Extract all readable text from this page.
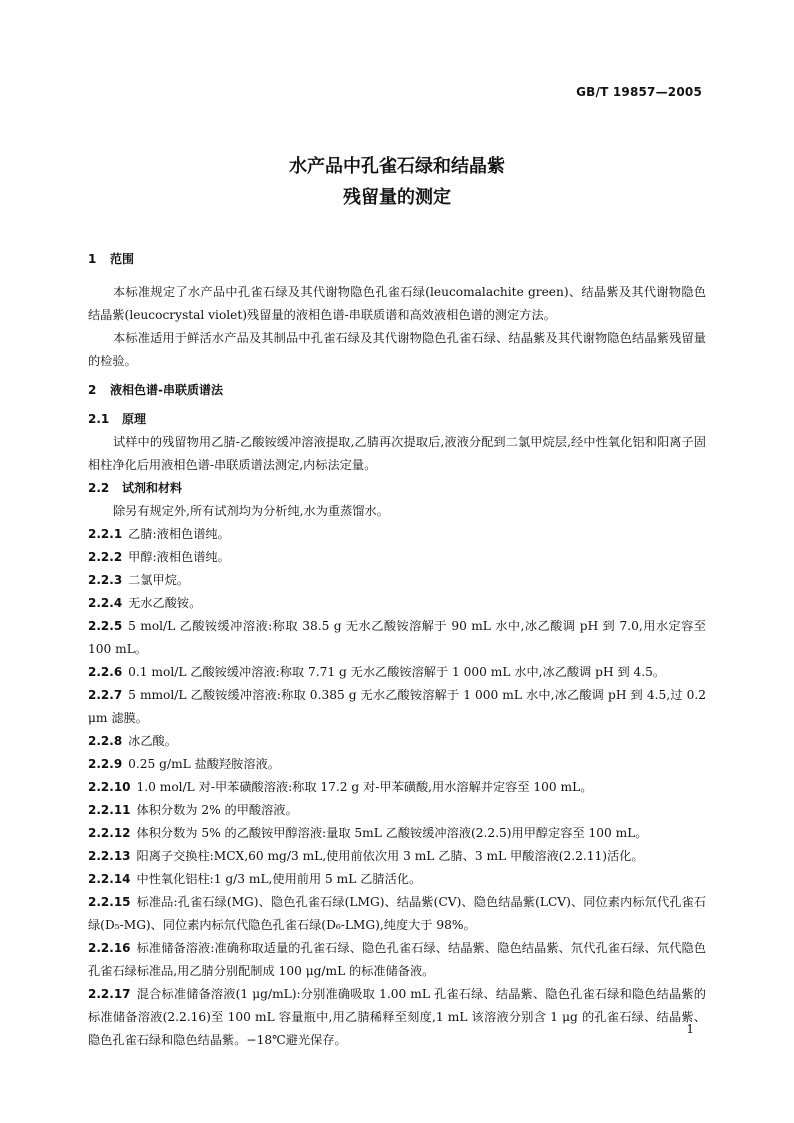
GB/T 19857—2005
水产品中孔雀石绿和结晶紫
残留量的测定

1 范围

本标准规定了水产品中孔雀石绿及其代谢物隐色孔雀石绿(leucomalachite green)、结晶紫及其代谢物隐色结晶紫(leucocrystal violet)残留量的液相色谱-串联质谱和高效液相色谱的测定方法。

本标准适用于鲜活水产品及其制品中孔雀石绿及其代谢物隐色孔雀石绿、结晶紫及其代谢物隐色结晶紫残留量的检验。

2 液相色谱-串联质谱法

2.1 原理

试样中的残留物用乙腈-乙酸铵缓冲溶液提取,乙腈再次提取后,液液分配到二氯甲烷层,经中性氧化铝和阳离子固相柱净化后用液相色谱-串联质谱法测定,内标法定量。

2.2 试剂和材料

除另有规定外,所有试剂均为分析纯,水为重蒸馏水。

2.2.1 乙腈:液相色谱纯。

2.2.2 甲醇:液相色谱纯。

2.2.3 二氯甲烷。

2.2.4 无水乙酸铵。

2.2.5 5 mol/L 乙酸铵缓冲溶液:称取 38.5 g 无水乙酸铵溶解于 90 mL 水中,冰乙酸调 pH 到 7.0,用水定容至 100 mL。

2.2.6 0.1 mol/L 乙酸铵缓冲溶液:称取 7.71 g 无水乙酸铵溶解于 1 000 mL 水中,冰乙酸调 pH 到 4.5。

2.2.7 5 mmol/L 乙酸铵缓冲溶液:称取 0.385 g 无水乙酸铵溶解于 1 000 mL 水中,冰乙酸调 pH 到 4.5,过 0.2 μm 滤膜。

2.2.8 冰乙酸。

2.2.9 0.25 g/mL 盐酸羟胺溶液。

2.2.10 1.0 mol/L 对-甲苯磺酸溶液:称取 17.2 g 对-甲苯磺酸,用水溶解并定容至 100 mL。

2.2.11 体积分数为 2% 的甲酸溶液。

2.2.12 体积分数为 5% 的乙酸铵甲醇溶液:量取 5mL 乙酸铵缓冲溶液(2.2.5)用甲醇定容至 100 mL。

2.2.13 阳离子交换柱:MCX,60 mg/3 mL,使用前依次用 3 mL 乙腈、3 mL 甲酸溶液(2.2.11)活化。

2.2.14 中性氧化铝柱:1 g/3 mL,使用前用 5 mL 乙腈活化。

2.2.15 标准品:孔雀石绿(MG)、隐色孔雀石绿(LMG)、结晶紫(CV)、隐色结晶紫(LCV)、同位素内标氘代孔雀石绿(D₅-MG)、同位素内标氘代隐色孔雀石绿(D₆-LMG),纯度大于 98%。

2.2.16 标准储备溶液:准确称取适量的孔雀石绿、隐色孔雀石绿、结晶紫、隐色结晶紫、氘代孔雀石绿、氘代隐色孔雀石绿标准品,用乙腈分别配制成 100 μg/mL 的标准储备液。

2.2.17 混合标准储备溶液(1 μg/mL):分别准确吸取 1.00 mL 孔雀石绿、结晶紫、隐色孔雀石绿和隐色结晶紫的标准储备溶液(2.2.16)至 100 mL 容量瓶中,用乙腈稀释至刻度,1 mL 该溶液分别含 1 μg 的孔雀石绿、结晶紫、隐色孔雀石绿和隐色结晶紫。−18℃避光保存。

1
